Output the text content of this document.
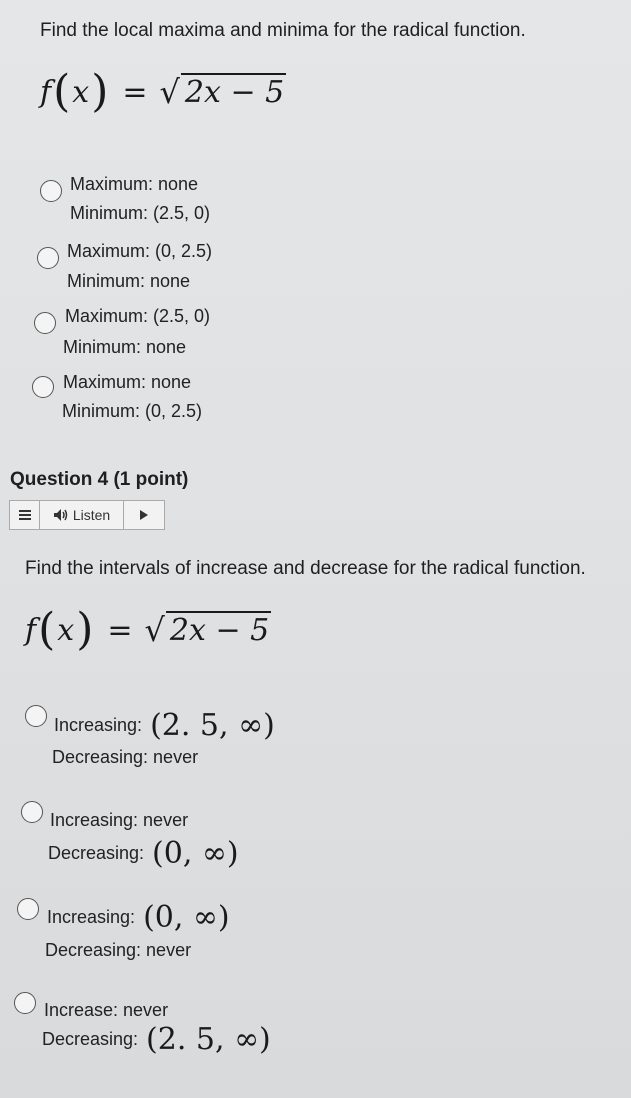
Find the local maxima and minima for the radical function.
f ( x ) = √ 2x − 5
Maximum: none
Minimum: (2.5, 0)
Maximum: (0, 2.5)
Minimum: none
Maximum: (2.5, 0)
Minimum: none
Maximum: none
Minimum: (0, 2.5)
Question 4 (1 point)
Listen
Find the intervals of increase and decrease for the radical function.
f ( x ) = √ 2x − 5
Increasing: (2. 5, ∞)
Decreasing: never
Increasing: never
Decreasing: (0, ∞)
Increasing: (0, ∞)
Decreasing: never
Increase: never
Decreasing: (2. 5, ∞)
